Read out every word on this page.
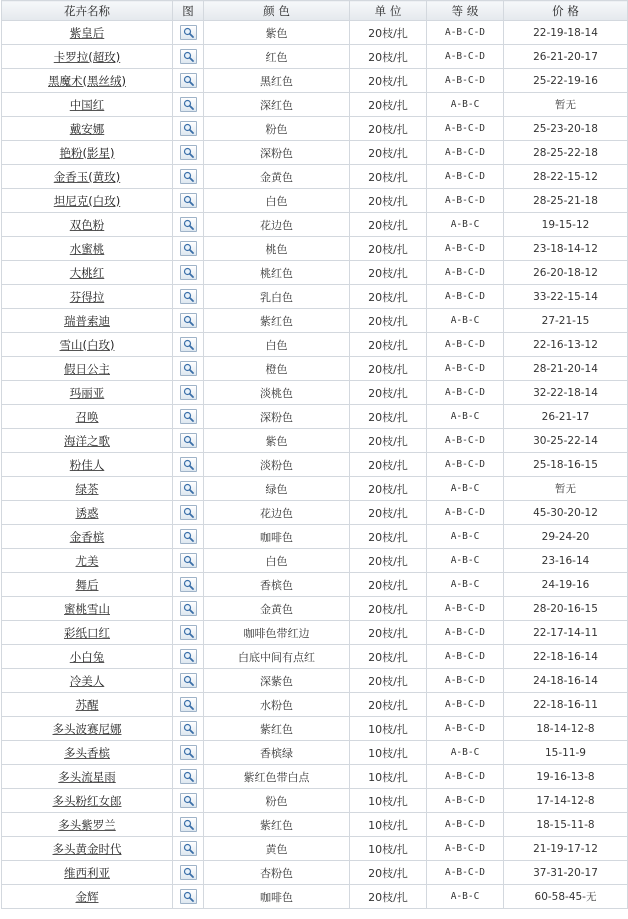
花卉名称	图	颜 色	单 位	等 级	价 格
紫皇后		紫色	20枝/扎	A-B-C-D	22-19-18-14
卡罗拉(超玫)		红色	20枝/扎	A-B-C-D	26-21-20-17
黑魔术(黑丝绒)		黑红色	20枝/扎	A-B-C-D	25-22-19-16
中国红		深红色	20枝/扎	A-B-C	暂无
戴安娜		粉色	20枝/扎	A-B-C-D	25-23-20-18
艳粉(影星)		深粉色	20枝/扎	A-B-C-D	28-25-22-18
金香玉(黄玫)		金黄色	20枝/扎	A-B-C-D	28-22-15-12
坦尼克(白玫)		白色	20枝/扎	A-B-C-D	28-25-21-18
双色粉		花边色	20枝/扎	A-B-C	19-15-12
水蜜桃		桃色	20枝/扎	A-B-C-D	23-18-14-12
大桃红		桃红色	20枝/扎	A-B-C-D	26-20-18-12
芬得拉		乳白色	20枝/扎	A-B-C-D	33-22-15-14
瑞普索迪		紫红色	20枝/扎	A-B-C	27-21-15
雪山(白玫)		白色	20枝/扎	A-B-C-D	22-16-13-12
假日公主		橙色	20枝/扎	A-B-C-D	28-21-20-14
玛丽亚		淡桃色	20枝/扎	A-B-C-D	32-22-18-14
召唤		深粉色	20枝/扎	A-B-C	26-21-17
海洋之歌		紫色	20枝/扎	A-B-C-D	30-25-22-14
粉佳人		淡粉色	20枝/扎	A-B-C-D	25-18-16-15
绿茶		绿色	20枝/扎	A-B-C	暂无
诱惑		花边色	20枝/扎	A-B-C-D	45-30-20-12
金香槟		咖啡色	20枝/扎	A-B-C	29-24-20
尤美		白色	20枝/扎	A-B-C	23-16-14
舞后		香槟色	20枝/扎	A-B-C	24-19-16
蜜桃雪山		金黄色	20枝/扎	A-B-C-D	28-20-16-15
彩纸口红		咖啡色带红边	20枝/扎	A-B-C-D	22-17-14-11
小白兔		白底中间有点红	20枝/扎	A-B-C-D	22-18-16-14
冷美人		深紫色	20枝/扎	A-B-C-D	24-18-16-14
苏醒		水粉色	20枝/扎	A-B-C-D	22-18-16-11
多头波赛尼娜		紫红色	10枝/扎	A-B-C-D	18-14-12-8
多头香槟		香槟绿	10枝/扎	A-B-C	15-11-9
多头流星雨		紫红色带白点	10枝/扎	A-B-C-D	19-16-13-8
多头粉红女郎		粉色	10枝/扎	A-B-C-D	17-14-12-8
多头紫罗兰		紫红色	10枝/扎	A-B-C-D	18-15-11-8
多头黄金时代		黄色	10枝/扎	A-B-C-D	21-19-17-12
维西利亚		杏粉色	20枝/扎	A-B-C-D	37-31-20-17
金辉		咖啡色	20枝/扎	A-B-C	60-58-45-无
